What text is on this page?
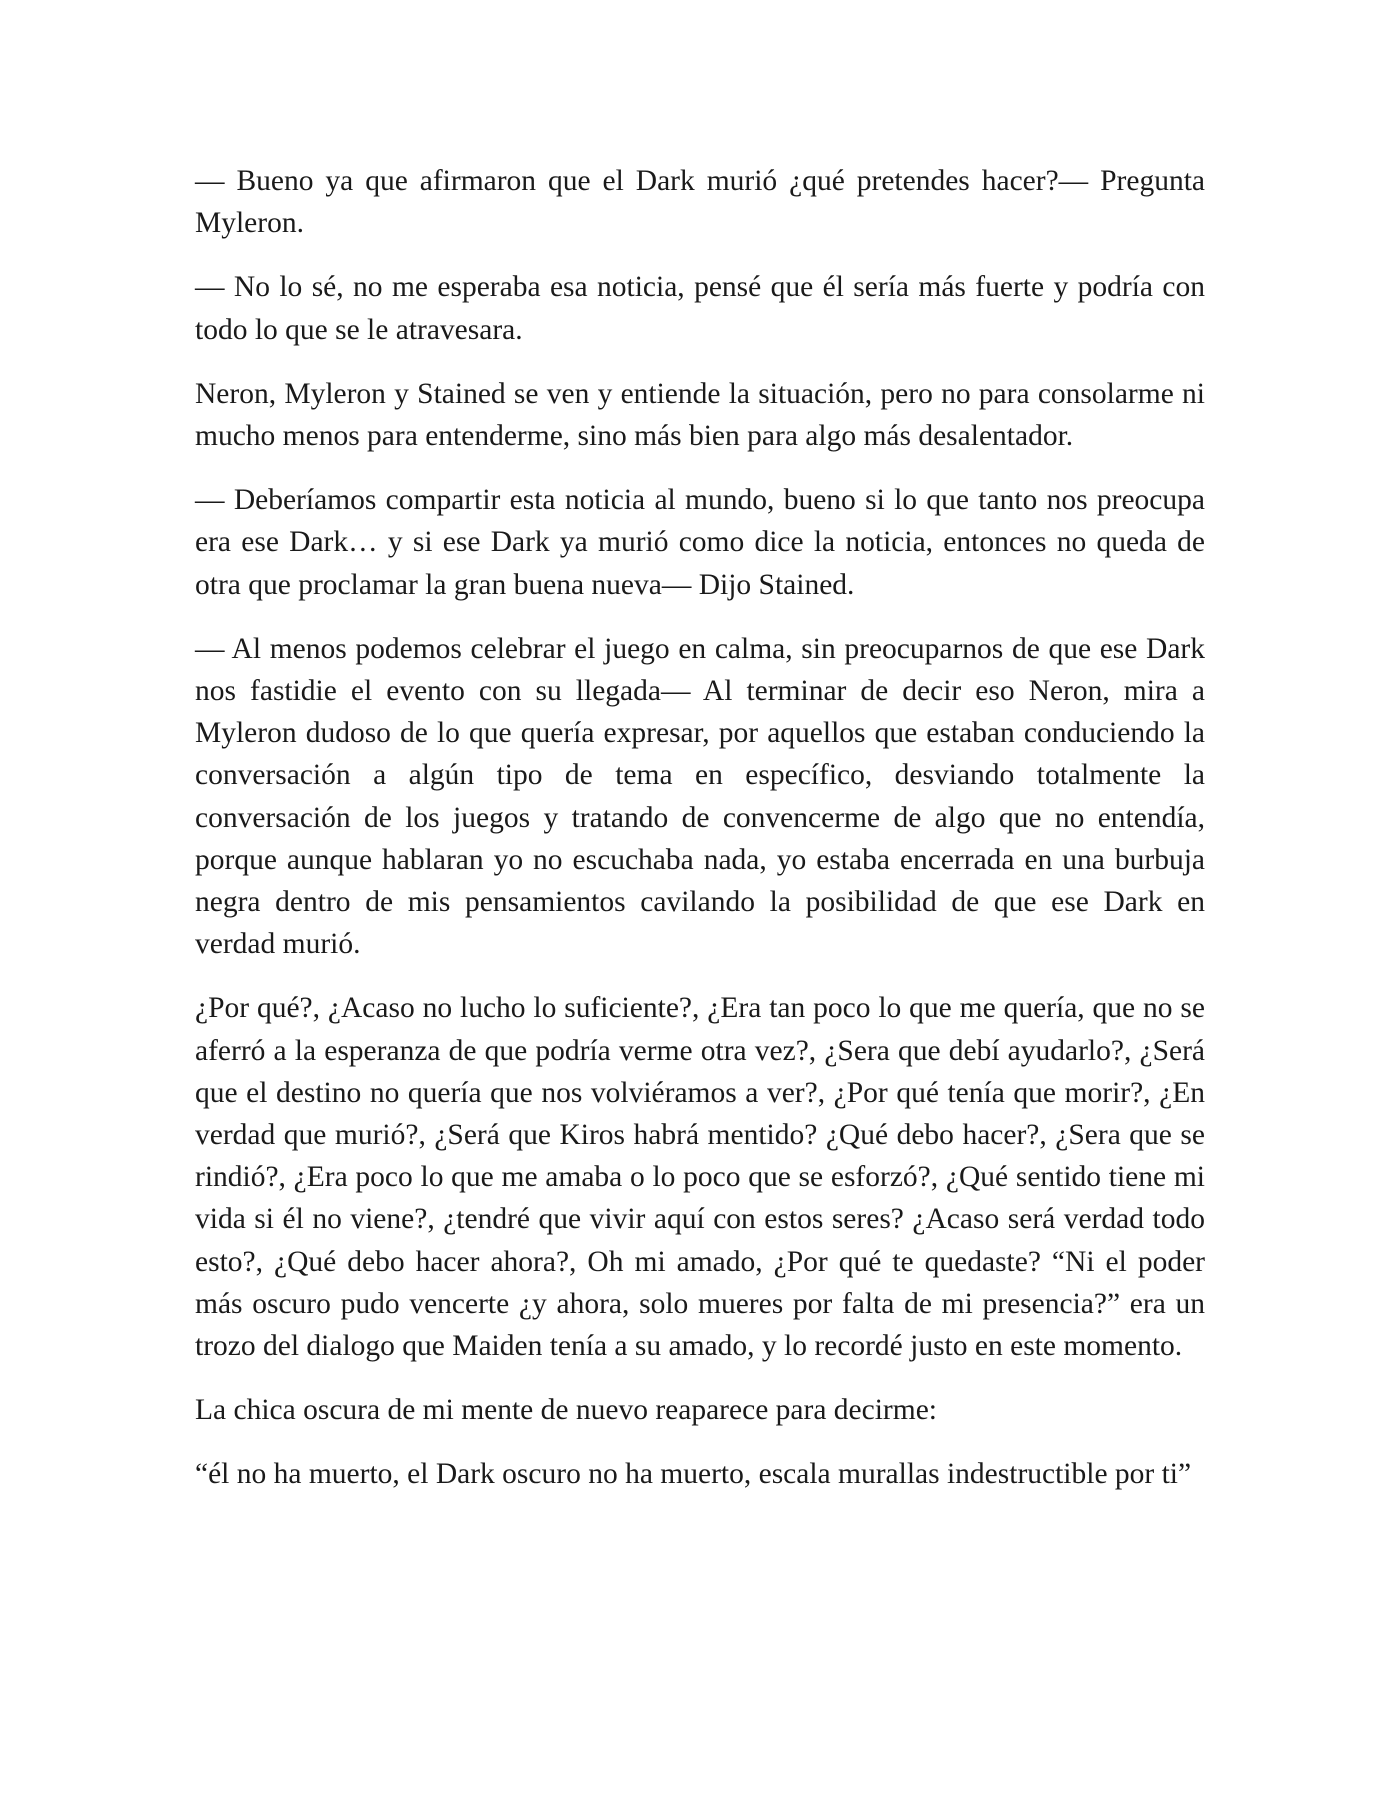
— Bueno ya que afirmaron que el Dark murió ¿qué pretendes hacer?— Pregunta Myleron.

— No lo sé, no me esperaba esa noticia, pensé que él sería más fuerte y podría con todo lo que se le atravesara.

Neron, Myleron y Stained se ven y entiende la situación, pero no para consolarme ni mucho menos para entenderme, sino más bien para algo más desalentador.

— Deberíamos compartir esta noticia al mundo, bueno si lo que tanto nos preocupa era ese Dark… y si ese Dark ya murió como dice la noticia, entonces no queda de otra que proclamar la gran buena nueva— Dijo Stained.

— Al menos podemos celebrar el juego en calma, sin preocuparnos de que ese Dark nos fastidie el evento con su llegada— Al terminar de decir eso Neron, mira a Myleron dudoso de lo que quería expresar, por aquellos que estaban conduciendo la conversación a algún tipo de tema en específico, desviando totalmente la conversación de los juegos y tratando de convencerme de algo que no entendía, porque aunque hablaran yo no escuchaba nada, yo estaba encerrada en una burbuja negra dentro de mis pensamientos cavilando la posibilidad de que ese Dark en verdad murió.

¿Por qué?, ¿Acaso no lucho lo suficiente?, ¿Era tan poco lo que me quería, que no se aferró a la esperanza de que podría verme otra vez?, ¿Sera que debí ayudarlo?, ¿Será que el destino no quería que nos volviéramos a ver?, ¿Por qué tenía que morir?, ¿En verdad que murió?, ¿Será que Kiros habrá mentido? ¿Qué debo hacer?, ¿Sera que se rindió?, ¿Era poco lo que me amaba o lo poco que se esforzó?, ¿Qué sentido tiene mi vida si él no viene?, ¿tendré que vivir aquí con estos seres? ¿Acaso será verdad todo esto?, ¿Qué debo hacer ahora?, Oh mi amado, ¿Por qué te quedaste? “Ni el poder más oscuro pudo vencerte ¿y ahora, solo mueres por falta de mi presencia?” era un trozo del dialogo que Maiden tenía a su amado, y lo recordé justo en este momento.

La chica oscura de mi mente de nuevo reaparece para decirme:

“él no ha muerto, el Dark oscuro no ha muerto, escala murallas indestructible por ti”
